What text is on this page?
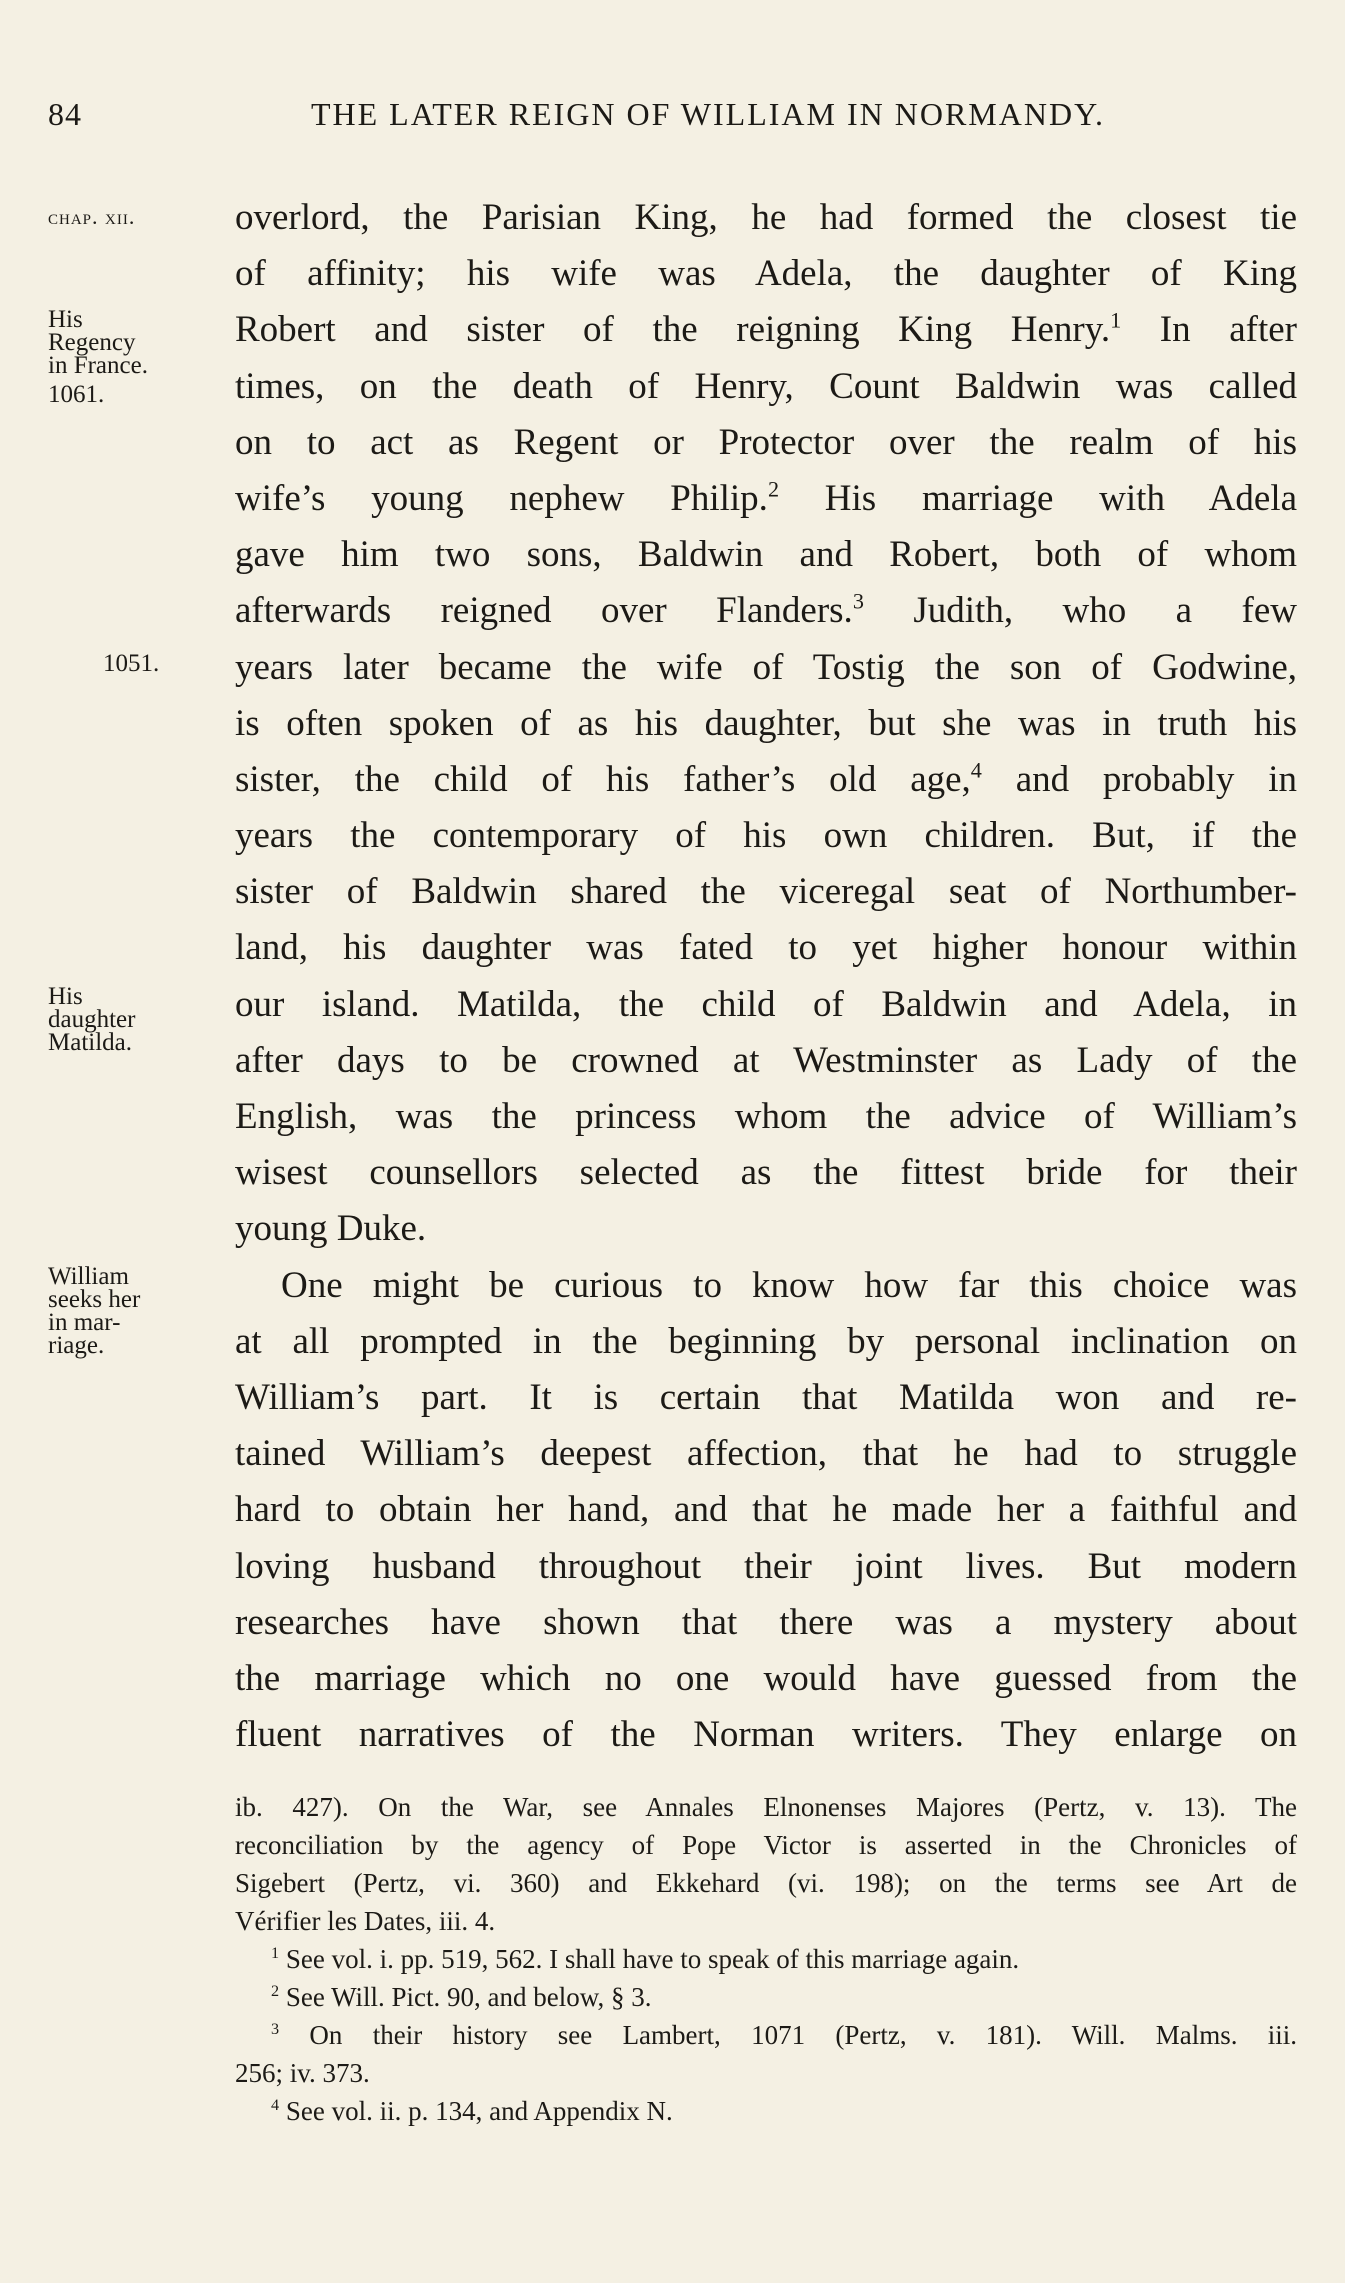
84	THE LATER REIGN OF WILLIAM IN NORMANDY.
chap. xii.
His
Regency
in France.
1061.
1051.
His
daughter
Matilda.
William
seeks her
in mar-
riage.
overlord, the Parisian King, he had formed the closest tie
of affinity; his wife was Adela, the daughter of King
Robert and sister of the reigning King Henry.$^1$ In after
times, on the death of Henry, Count Baldwin was called
on to act as Regent or Protector over the realm of his
wife’s young nephew Philip.$^2$ His marriage with Adela
gave him two sons, Baldwin and Robert, both of whom
afterwards reigned over Flanders.$^3$ Judith, who a few
years later became the wife of Tostig the son of Godwine,
is often spoken of as his daughter, but she was in truth his
sister, the child of his father’s old age,$^4$ and probably in
years the contemporary of his own children. But, if the
sister of Baldwin shared the viceregal seat of Northumber-
land, his daughter was fated to yet higher honour within
our island. Matilda, the child of Baldwin and Adela, in
after days to be crowned at Westminster as Lady of the
English, was the princess whom the advice of William’s
wisest counsellors selected as the fittest bride for their
young Duke.
One might be curious to know how far this choice was
at all prompted in the beginning by personal inclination on
William’s part. It is certain that Matilda won and re-
tained William’s deepest affection, that he had to struggle
hard to obtain her hand, and that he made her a faithful and
loving husband throughout their joint lives. But modern
researches have shown that there was a mystery about
the marriage which no one would have guessed from the
fluent narratives of the Norman writers. They enlarge on
ib. 427). On the War, see Annales Elnonenses Majores (Pertz, v. 13). The
reconciliation by the agency of Pope Victor is asserted in the Chronicles of
Sigebert (Pertz, vi. 360) and Ekkehard (vi. 198); on the terms see Art de
Vérifier les Dates, iii. 4.
$^1$ See vol. i. pp. 519, 562. I shall have to speak of this marriage again.
$^2$ See Will. Pict. 90, and below, § 3.
$^3$ On their history see Lambert, 1071 (Pertz, v. 181). Will. Malms. iii.
256; iv. 373.
$^4$ See vol. ii. p. 134, and Appendix N.
